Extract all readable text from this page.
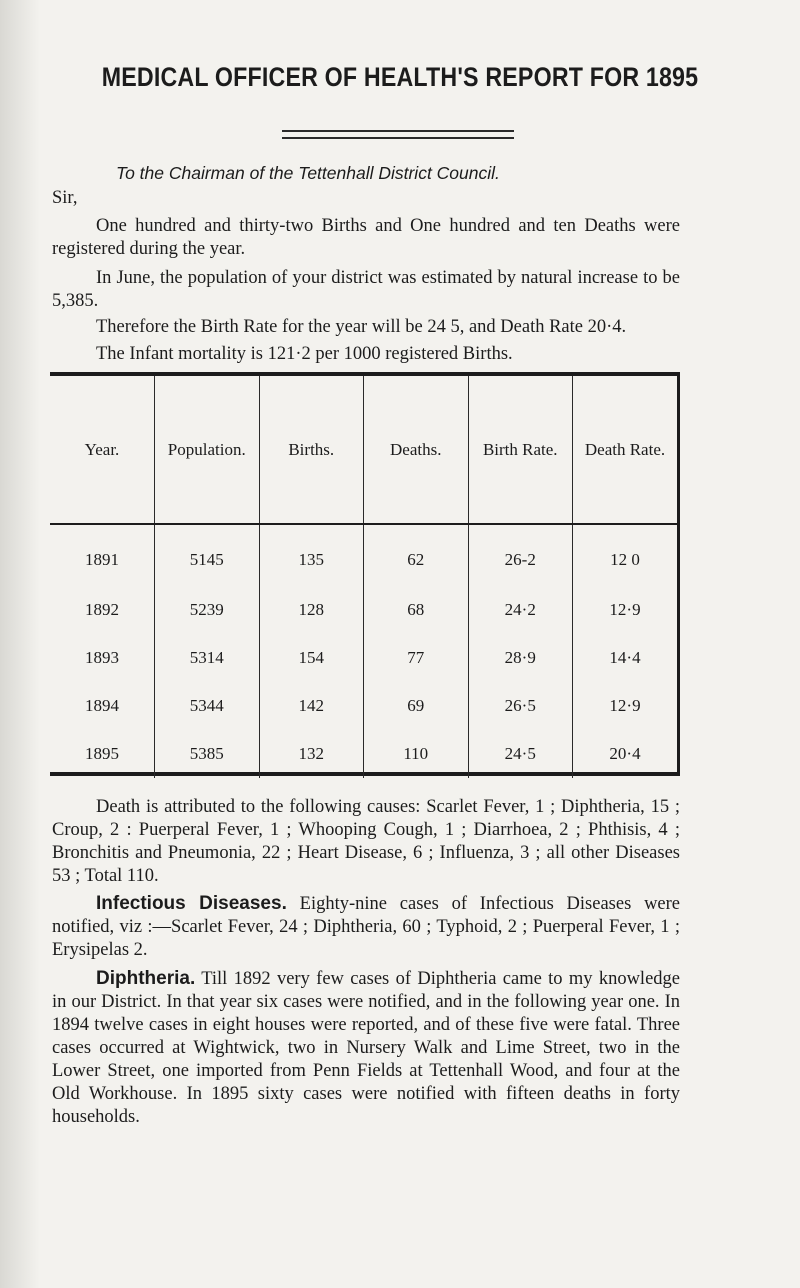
MEDICAL OFFICER OF HEALTH'S REPORT FOR 1895
To the Chairman of the Tettenhall District Council.
Sir,
One hundred and thirty-two Births and One hundred and ten Deaths were registered during the year.
In June, the population of your district was estimated by natural increase to be 5,385.
Therefore the Birth Rate for the year will be 24 5, and Death Rate 20·4.
The Infant mortality is 121·2 per 1000 registered Births.
Year.	Population.	Births.	Deaths.	Birth Rate.	Death Rate.
1891	5145	135	62	26-2	12 0
1892	5239	128	68	24·2	12·9
1893	5314	154	77	28·9	14·4
1894	5344	142	69	26·5	12·9
1895	5385	132	110	24·5	20·4
Death is attributed to the following causes: Scarlet Fever, 1 ; Diphtheria, 15 ; Croup, 2 : Puerperal Fever, 1 ; Whooping Cough, 1 ; Diarrhoea, 2 ; Phthisis, 4 ; Bronchitis and Pneumonia, 22 ; Heart Disease, 6 ; Influenza, 3 ; all other Diseases 53 ; Total 110.
Infectious Diseases. Eighty-nine cases of Infectious Diseases were notified, viz :—Scarlet Fever, 24 ; Diphtheria, 60 ; Typhoid, 2 ; Puerperal Fever, 1 ; Erysipelas 2.
Diphtheria. Till 1892 very few cases of Diphtheria came to my knowledge in our District. In that year six cases were notified, and in the following year one. In 1894 twelve cases in eight houses were reported, and of these five were fatal. Three cases occurred at Wightwick, two in Nursery Walk and Lime Street, two in the Lower Street, one imported from Penn Fields at Tettenhall Wood, and four at the Old Workhouse. In 1895 sixty cases were notified with fifteen deaths in forty households.
